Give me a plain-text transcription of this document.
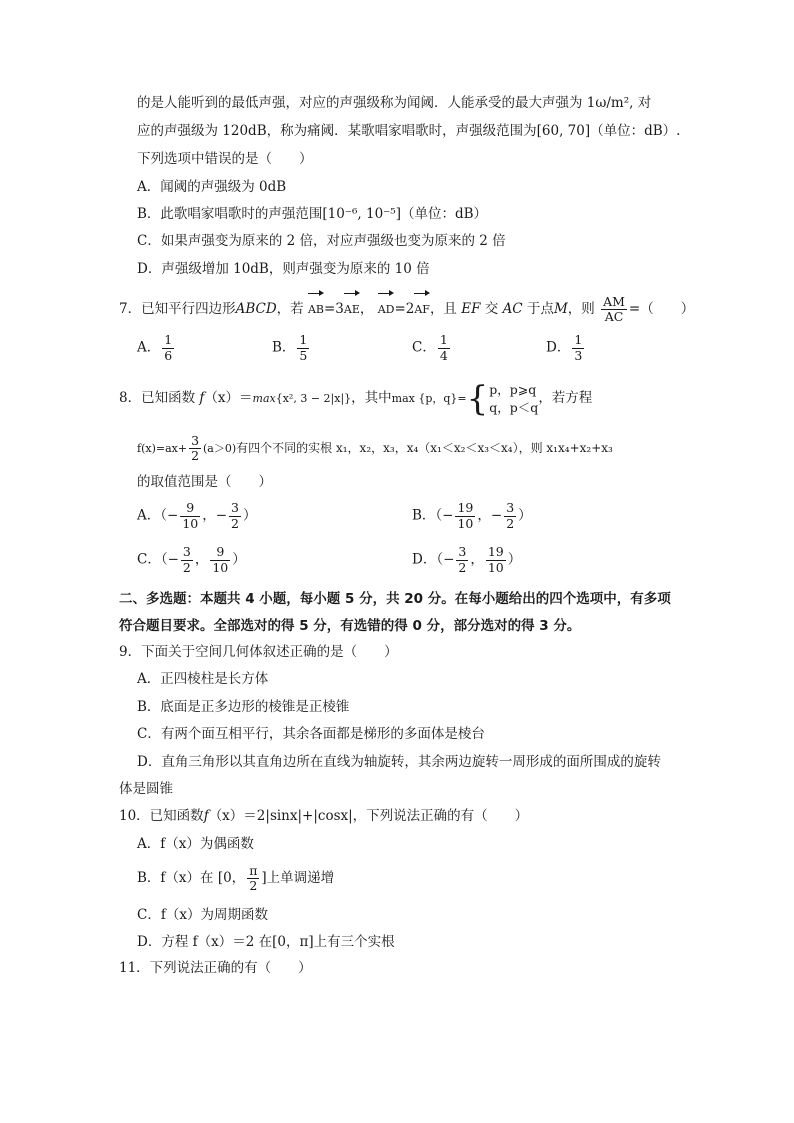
的是人能听到的最低声强，对应的声强级称为闻阈．人能承受的最大声强为 1ω/m², 对
应的声强级为 120dB，称为痛阈．某歌唱家唱歌时，声强级范围为[60, 70]（单位：dB）.
下列选项中错误的是（　　）
A．闻阈的声强级为 0dB
B．此歌唱家唱歌时的声强范围[10⁻⁶, 10⁻⁵]（单位：dB）
C．如果声强变为原来的 2 倍，对应声强级也变为原来的 2 倍
D．声强级增加 10dB，则声强变为原来的 10 倍
7．已知平行四边形ABCD，若 AB=3AE， AD=2AF，且 EF 交 AC 于点M，则 $\frac{AM}{AC}$ =（　　）
A． $\frac{1}{6}$	B． $\frac{1}{5}$	C． $\frac{1}{4}$	D． $\frac{1}{3}$
8．已知函数 f（x）＝max{x², 3 − 2|x|}，其中max {p，q}={ p，p⩾q
q，p＜q
，若方程
$f(x)=ax+ \frac{3}{2} (a>0)$有四个不同的实根 x₁，x₂，x₃，x₄（x₁＜x₂＜x₃＜x₄），则 x₁x₄+x₂+x₃
的取值范围是（　　）
A．（− $\frac{9}{10}$ ，− $\frac{3}{2}$ ）	B．（− $\frac{19}{10}$ ，− $\frac{3}{2}$ ）
C．（− $\frac{3}{2}$ ， $\frac{9}{10}$ ）	D．（− $\frac{3}{2}$ ， $\frac{19}{10}$ ）
二、多选题：本题共 4 小题，每小题 5 分，共 20 分。在每小题给出的四个选项中，有多项
符合题目要求。全部选对的得 5 分，有选错的得 0 分，部分选对的得 3 分。
9．下面关于空间几何体叙述正确的是（　　）
A．正四棱柱是长方体
B．底面是正多边形的棱锥是正棱锥
C．有两个面互相平行，其余各面都是梯形的多面体是棱台
D．直角三角形以其直角边所在直线为轴旋转，其余两边旋转一周形成的面所围成的旋转
体是圆锥
10．已知函数f（x）＝2|sinx|+|cosx|，下列说法正确的有（　　）
A．f（x）为偶函数
B．f（x）在 [0， $\frac{\pi}{2}$ ]上单调递增
C．f（x）为周期函数
D．方程 f（x）＝2 在[0，π]上有三个实根
11．下列说法正确的有（　　）
